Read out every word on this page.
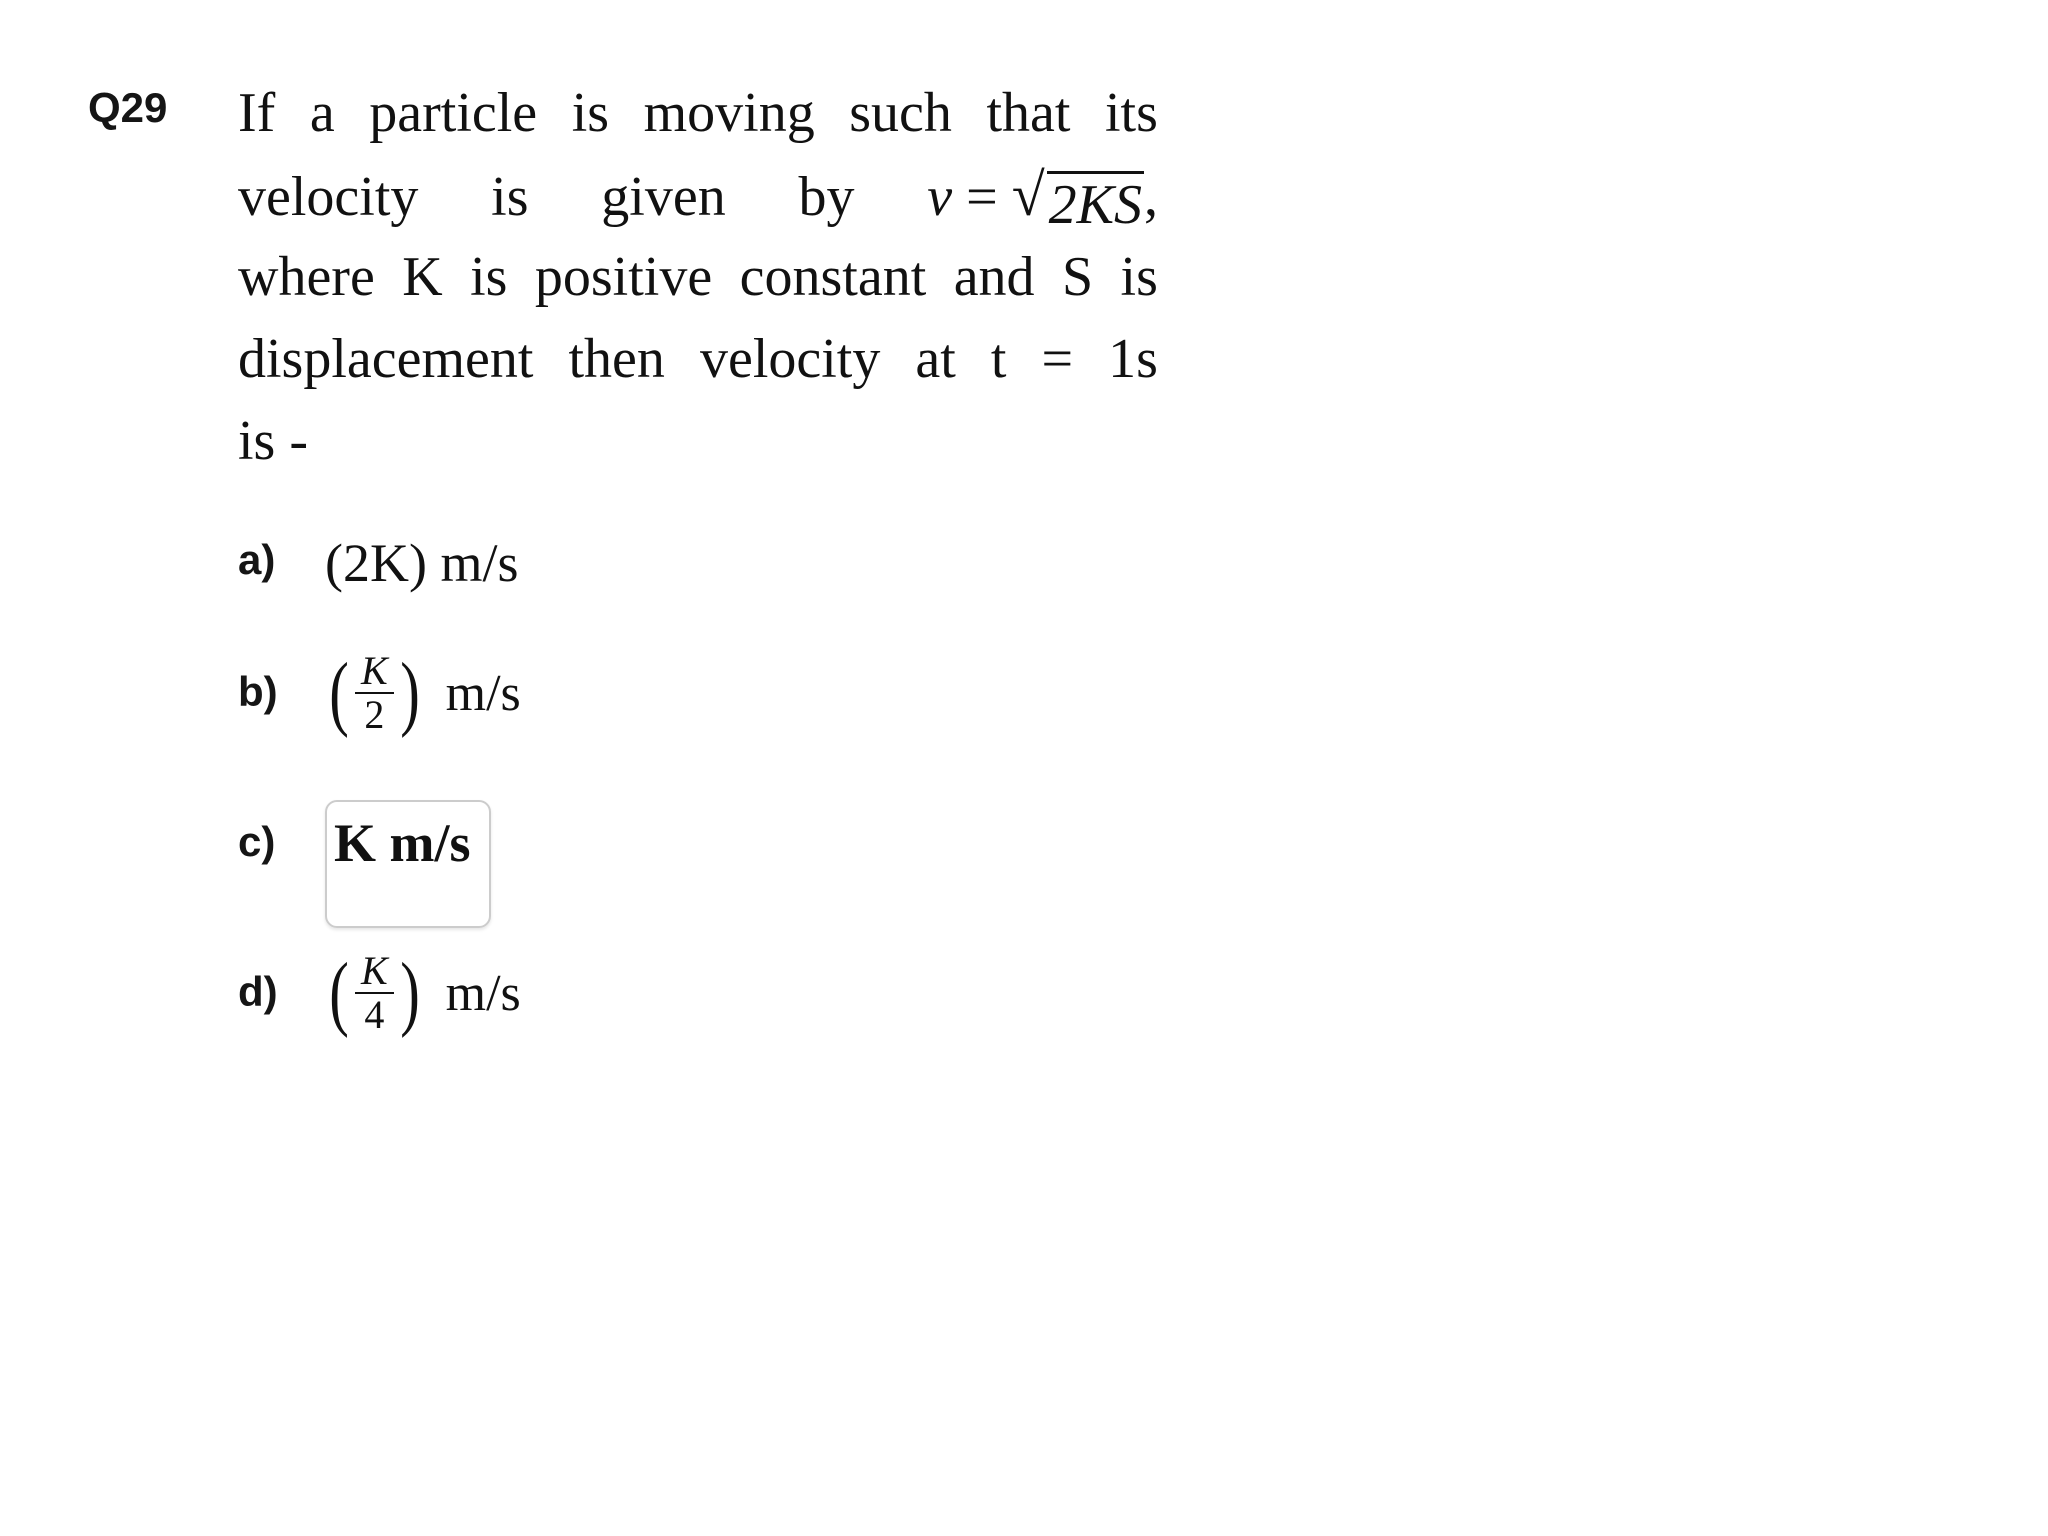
Q29 If a particle is moving such that its
velocity is given by v = √ 2KS ,
where K is positive constant and S is
displacement then velocity at t = 1s
is -
a) (2K) m/s
b) ( $\frac{K}{2}$ ) m/s
c) K m/s
d) ( $\frac{K}{4}$ ) m/s
